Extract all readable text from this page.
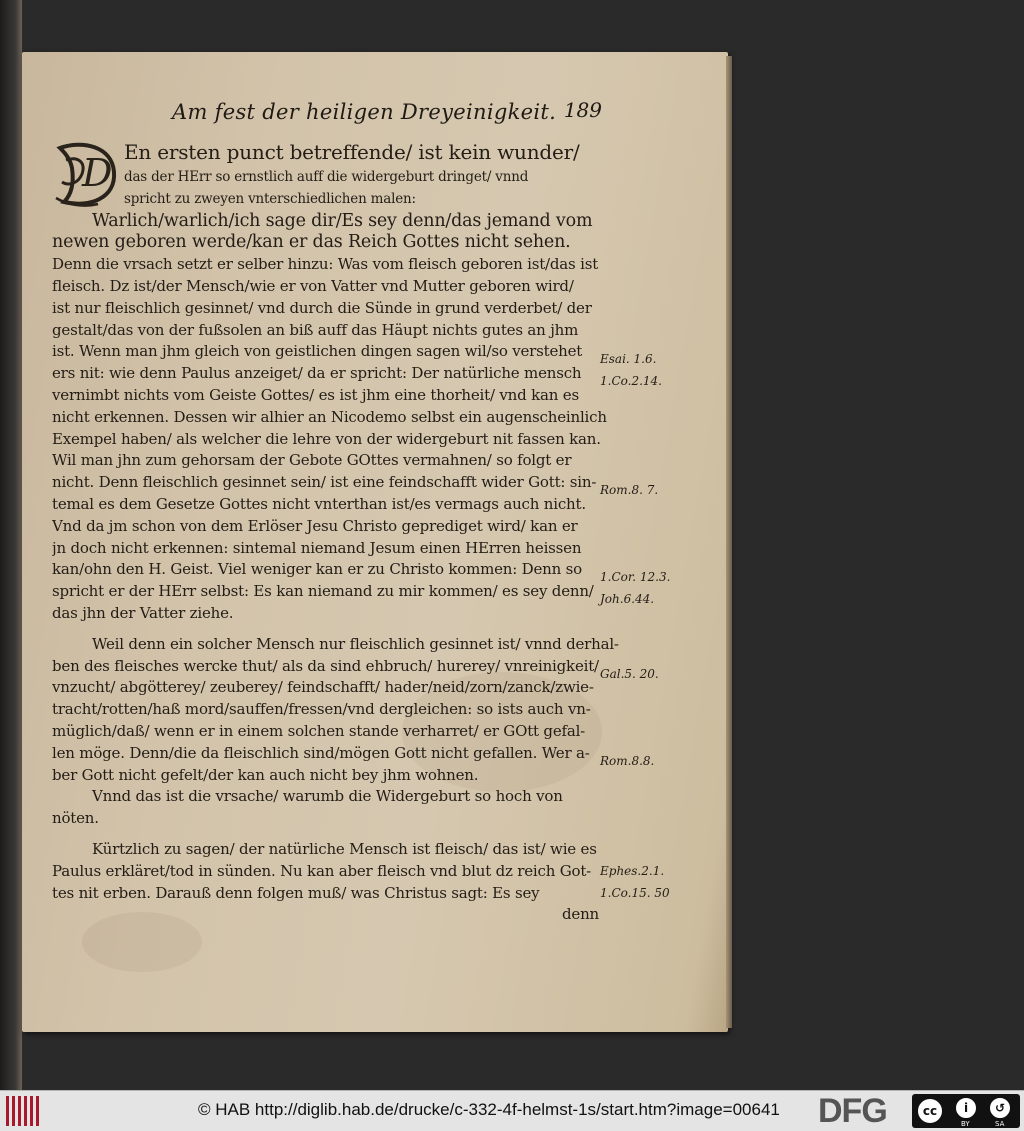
Am fest der heiligen Dreyeinigkeit. 189
D En ersten punct betreffende/ ist kein wunder/
das der HErr so ernstlich auff die widergeburt dringet/ vnnd
spricht zu zweyen vnterschiedlichen malen:
Warlich/warlich/ich sage dir/Es sey denn/das jemand vom
newen geboren werde/kan er das Reich Gottes nicht sehen.
Denn die vrsach setzt er selber hinzu: Was vom fleisch geboren ist/das ist
fleisch. Dz ist/der Mensch/wie er von Vatter vnd Mutter geboren wird/
ist nur fleischlich gesinnet/ vnd durch die Sünde in grund verderbet/ der
gestalt/das von der fußsolen an biß auff das Häupt nichts gutes an jhm
ist. Wenn man jhm gleich von geistlichen dingen sagen wil/so verstehet
ers nit: wie denn Paulus anzeiget/ da er spricht: Der natürliche mensch
vernimbt nichts vom Geiste Gottes/ es ist jhm eine thorheit/ vnd kan es
nicht erkennen. Dessen wir alhier an Nicodemo selbst ein augenscheinlich
Exempel haben/ als welcher die lehre von der widergeburt nit fassen kan.
Wil man jhn zum gehorsam der Gebote GOttes vermahnen/ so folgt er
nicht. Denn fleischlich gesinnet sein/ ist eine feindschafft wider Gott: sin-
temal es dem Gesetze Gottes nicht vnterthan ist/es vermags auch nicht.
Vnd da jm schon von dem Erlöser Jesu Christo geprediget wird/ kan er
jn doch nicht erkennen: sintemal niemand Jesum einen HErren heissen
kan/ohn den H. Geist. Viel weniger kan er zu Christo kommen: Denn so
spricht er der HErr selbst: Es kan niemand zu mir kommen/ es sey denn/
das jhn der Vatter ziehe.
Weil denn ein solcher Mensch nur fleischlich gesinnet ist/ vnnd derhal-
ben des fleisches wercke thut/ als da sind ehbruch/ hurerey/ vnreinigkeit/
vnzucht/ abgötterey/ zeuberey/ feindschafft/ hader/neid/zorn/zanck/zwie-
tracht/rotten/haß mord/sauffen/fressen/vnd dergleichen: so ists auch vn-
müglich/daß/ wenn er in einem solchen stande verharret/ er GOtt gefal-
len möge. Denn/die da fleischlich sind/mögen Gott nicht gefallen. Wer a-
ber Gott nicht gefelt/der kan auch nicht bey jhm wohnen.
Vnnd das ist die vrsache/ warumb die Widergeburt so hoch von
nöten.
Kürtzlich zu sagen/ der natürliche Mensch ist fleisch/ das ist/ wie es
Paulus erkläret/tod in sünden. Nu kan aber fleisch vnd blut dz reich Got-
tes nit erben. Darauß denn folgen muß/ was Christus sagt: Es sey
denn
Esai. 1.6.
1.Co.2.14.
Rom.8. 7.
1.Cor. 12.3.
Joh.6.44.
Gal.5. 20.
Rom.8.8.
Ephes.2.1.
1.Co.15. 50
© HAB http://diglib.hab.de/drucke/c-332-4f-helmst-1s/start.htm?image=00641 DFG	cc	i	↺
BY	SA
